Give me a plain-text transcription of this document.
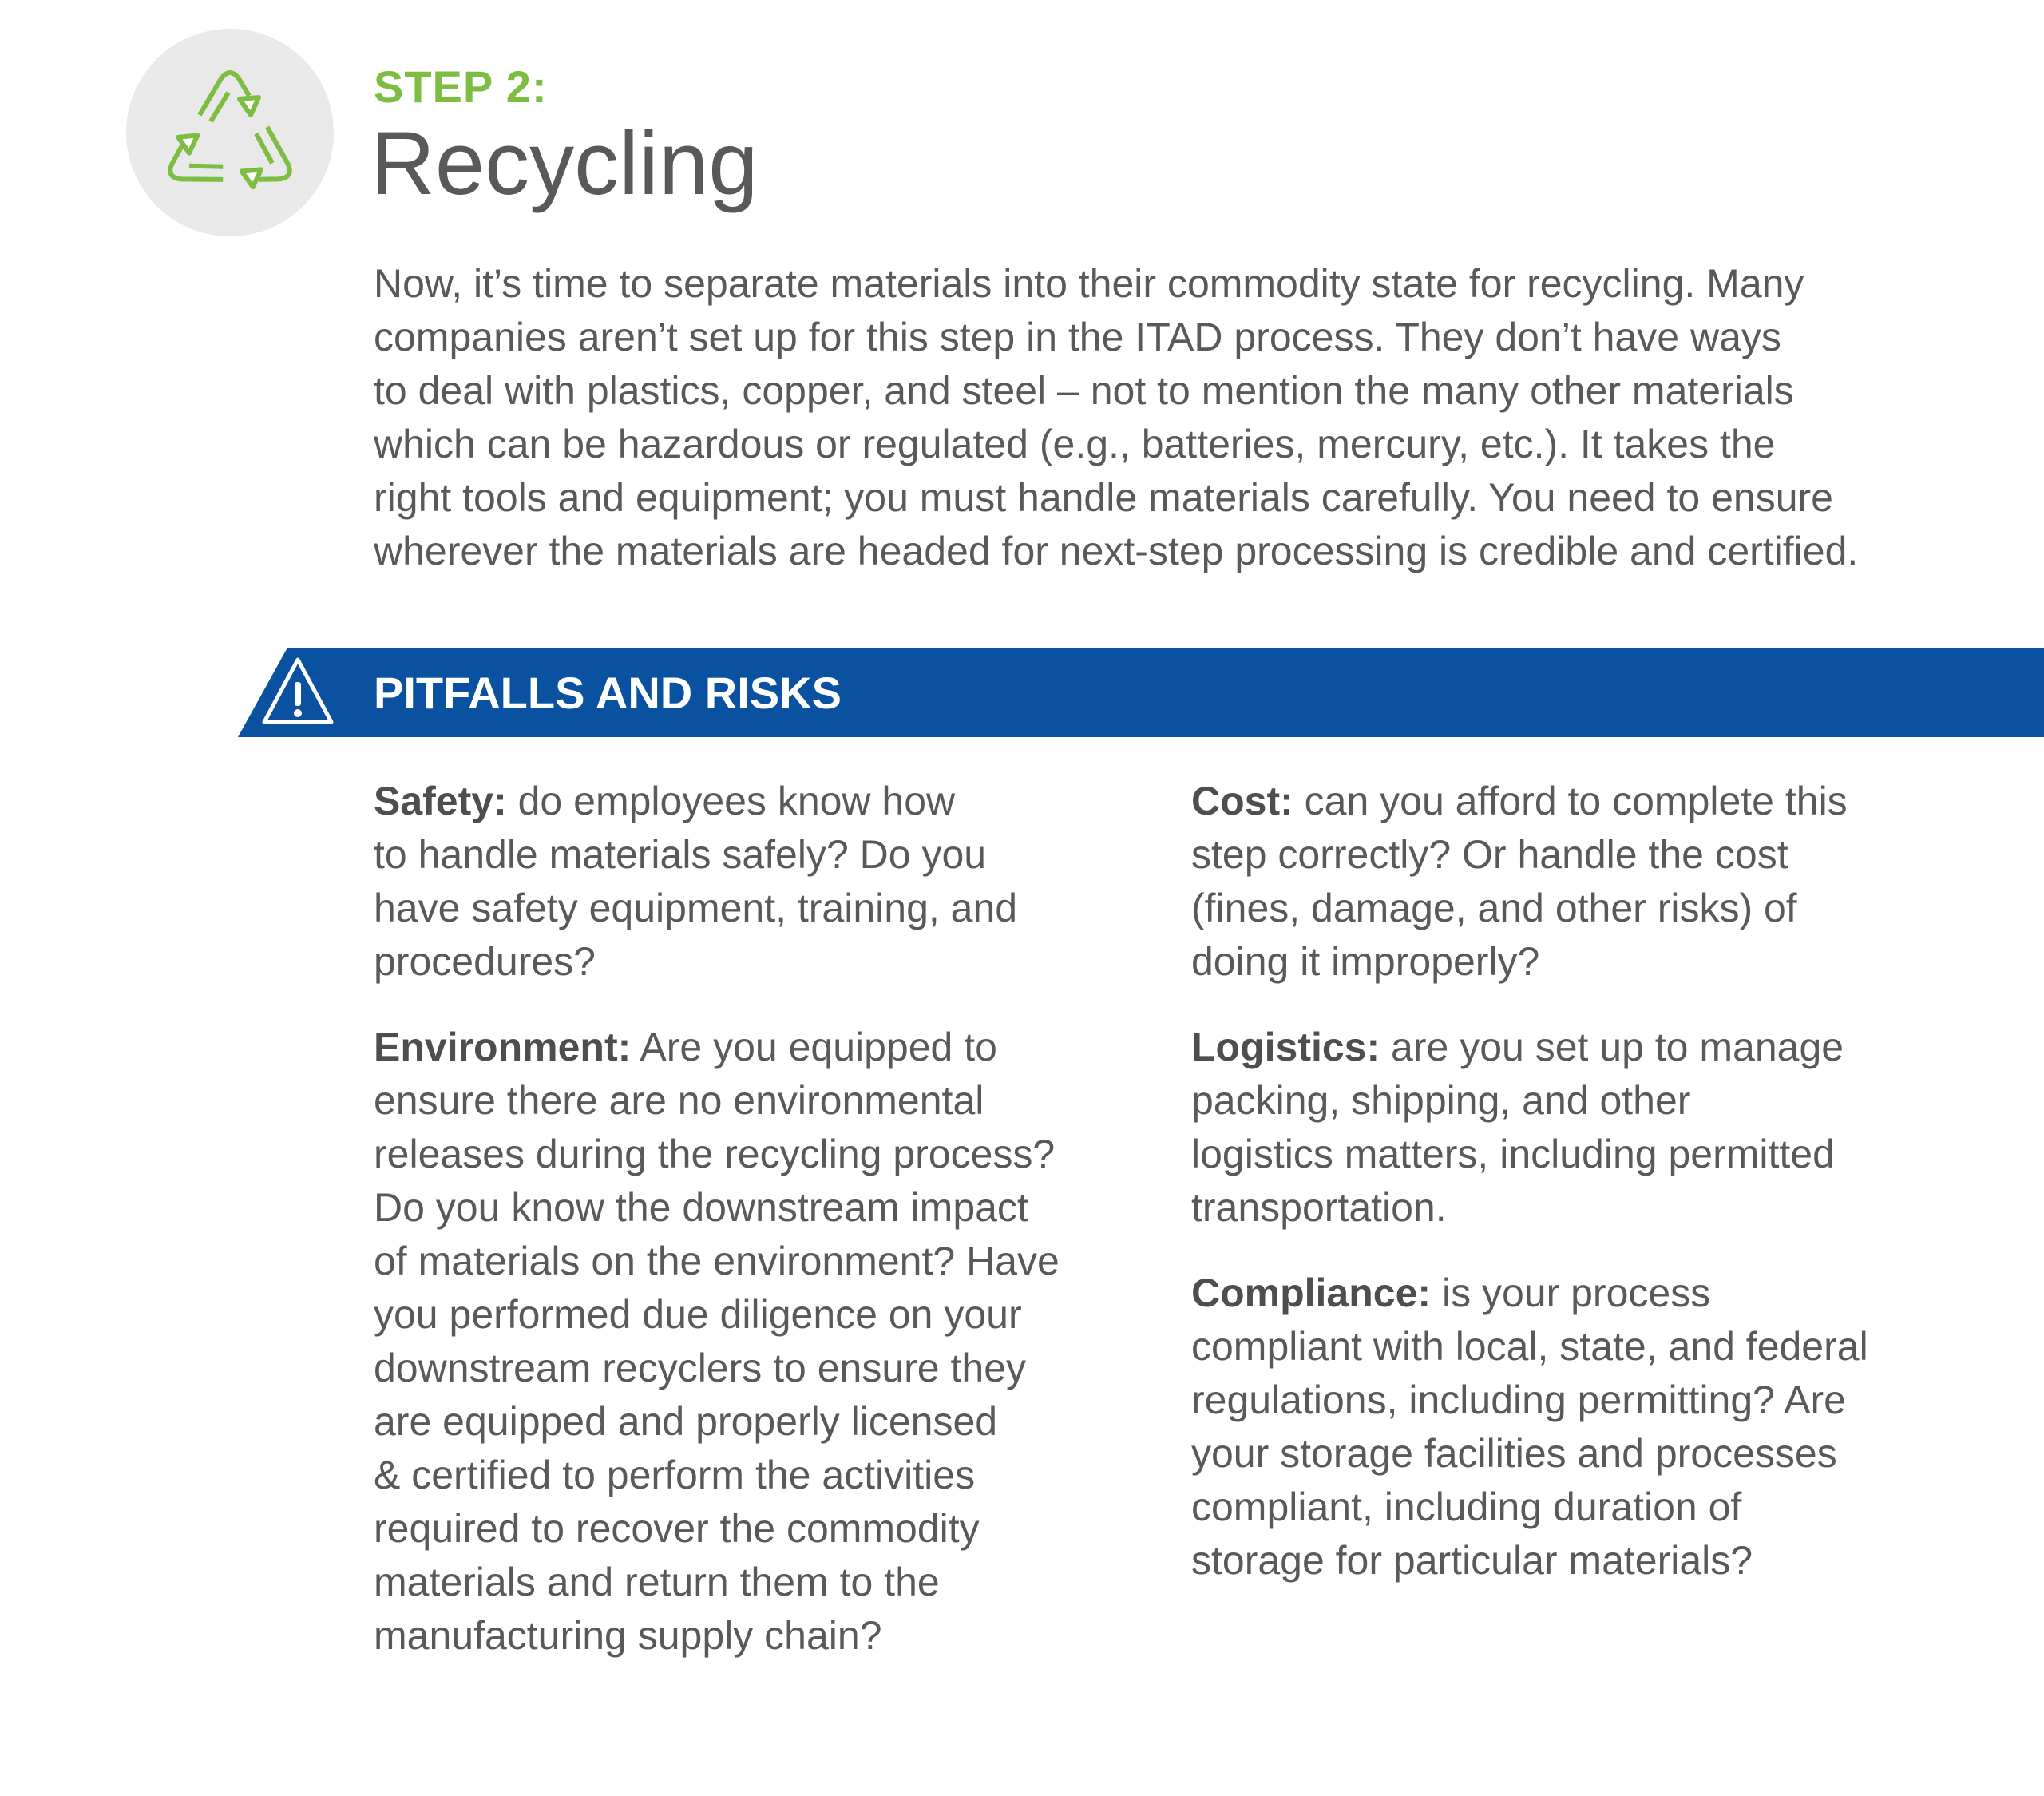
STEP 2:
Recycling
Now, it’s time to separate materials into their commodity state for recycling. Many
companies aren’t set up for this step in the ITAD process. They don’t have ways
to deal with plastics, copper, and steel – not to mention the many other materials
which can be hazardous or regulated (e.g., batteries, mercury, etc.). It takes the
right tools and equipment; you must handle materials carefully. You need to ensure
wherever the materials are headed for next-step processing is credible and certified.
PITFALLS AND RISKS
Safety: do employees know how
to handle materials safely? Do you
have safety equipment, training, and
procedures?
Environment: Are you equipped to
ensure there are no environmental
releases during the recycling process?
Do you know the downstream impact
of materials on the environment? Have
you performed due diligence on your
downstream recyclers to ensure they
are equipped and properly licensed
& certified to perform the activities
required to recover the commodity
materials and return them to the
manufacturing supply chain?
Cost: can you afford to complete this
step correctly? Or handle the cost
(fines, damage, and other risks) of
doing it improperly?
Logistics: are you set up to manage
packing, shipping, and other
logistics matters, including permitted
transportation.
Compliance: is your process
compliant with local, state, and federal
regulations, including permitting? Are
your storage facilities and processes
compliant, including duration of
storage for particular materials?
